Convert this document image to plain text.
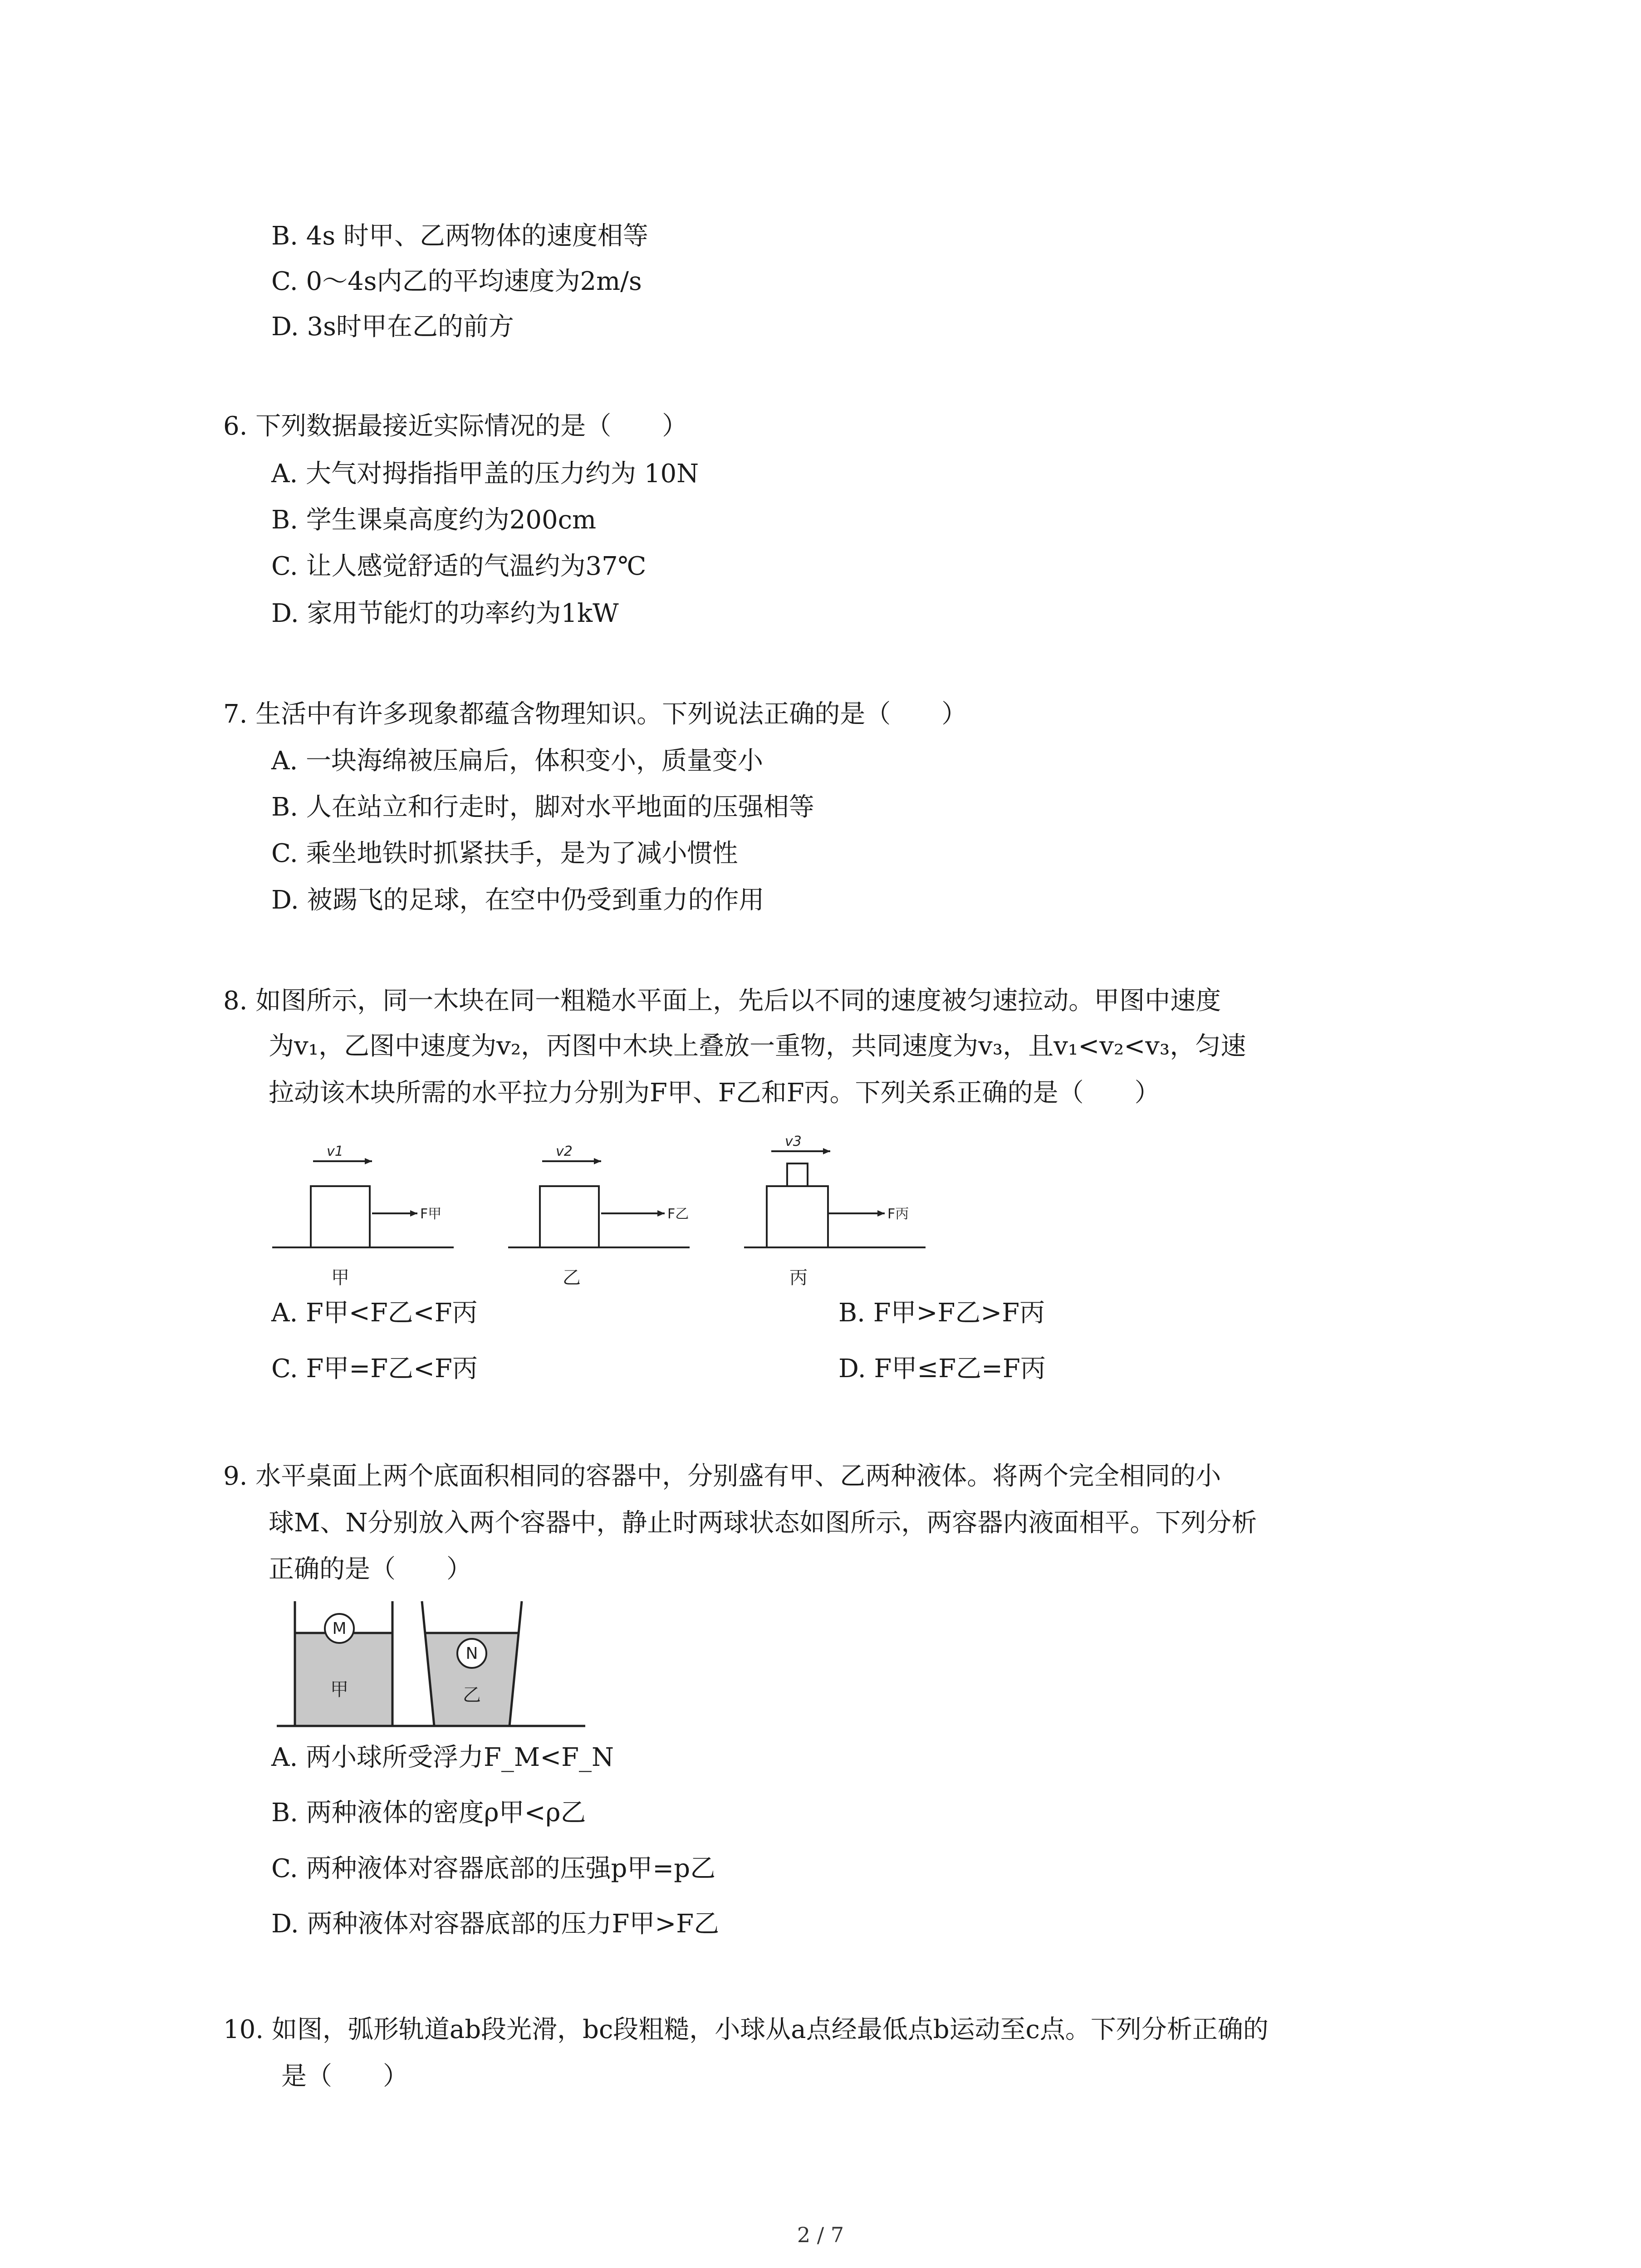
B. 4s 时甲、乙两物体的速度相等
C. 0～4s内乙的平均速度为2m/s
D. 3s时甲在乙的前方
6. 下列数据最接近实际情况的是（　　）
A. 大气对拇指指甲盖的压力约为 10N
B. 学生课桌高度约为200cm
C. 让人感觉舒适的气温约为37℃
D. 家用节能灯的功率约为1kW
7. 生活中有许多现象都蕴含物理知识。下列说法正确的是（　　）
A. 一块海绵被压扁后，体积变小，质量变小
B. 人在站立和行走时，脚对水平地面的压强相等
C. 乘坐地铁时抓紧扶手，是为了减小惯性
D. 被踢飞的足球，在空中仍受到重力的作用
8. 如图所示，同一木块在同一粗糙水平面上，先后以不同的速度被匀速拉动。甲图中速度
为v₁，乙图中速度为v₂，丙图中木块上叠放一重物，共同速度为v₃，且v₁<v₂<v₃，匀速
拉动该木块所需的水平拉力分别为F甲、F乙和F丙。下列关系正确的是（　　）
v1	v2
v3
F甲	F乙	F丙
甲	乙	丙
A. F甲<F乙<F丙	B. F甲>F乙>F丙
C. F甲=F乙<F丙	D. F甲≤F乙=F丙
9. 水平桌面上两个底面积相同的容器中，分别盛有甲、乙两种液体。将两个完全相同的小
球M、N分别放入两个容器中，静止时两球状态如图所示，两容器内液面相平。下列分析
正确的是（　　）
M
甲
N
乙
A. 两小球所受浮力F_M<F_N
B. 两种液体的密度ρ甲<ρ乙
C. 两种液体对容器底部的压强p甲=p乙
D. 两种液体对容器底部的压力F甲>F乙
10. 如图，弧形轨道ab段光滑，bc段粗糙，小球从a点经最低点b运动至c点。下列分析正确的
是（　　）
2 / 7
